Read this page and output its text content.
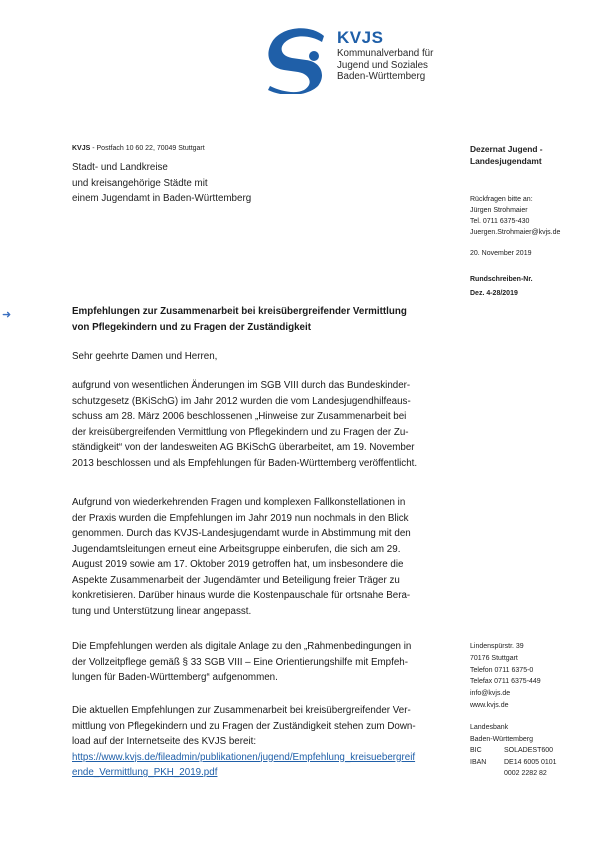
KVJS
Kommunalverband für
Jugend und Soziales
Baden-Württemberg
KVJS - Postfach 10 60 22, 70049 Stuttgart
Stadt- und Landkreise
und kreisangehörige Städte mit
einem Jugendamt in Baden-Württemberg
Dezernat Jugend -
Landesjugendamt
Rückfragen bitte an:
Jürgen Strohmaier
Tel. 0711 6375-430
Juergen.Strohmaier@kvjs.de
20. November 2019
Rundschreiben-Nr.
Dez. 4-28/2019
Lindenspürstr. 39
70176 Stuttgart
Telefon 0711 6375-0
Telefax 0711 6375-449
info@kvjs.de
www.kvjs.de
Landesbank
Baden-Württemberg
BIC	SOLADEST600
IBAN	DE14 6005 0101
0002 2282 82
➜	Empfehlungen zur Zusammenarbeit bei kreisübergreifender Vermittlung
von Pflegekindern und zu Fragen der Zuständigkeit
Sehr geehrte Damen und Herren,
aufgrund von wesentlichen Änderungen im SGB VIII durch das Bundeskinder-
schutzgesetz (BKiSchG) im Jahr 2012 wurden die vom Landesjugendhilfeaus-
schuss am 28. März 2006 beschlossenen „Hinweise zur Zusammenarbeit bei
der kreisübergreifenden Vermittlung von Pflegekindern und zu Fragen der Zu-
ständigkeit“ von der landesweiten AG BKiSchG überarbeitet, am 19. November
2013 beschlossen und als Empfehlungen für Baden-Württemberg veröffentlicht.
Aufgrund von wiederkehrenden Fragen und komplexen Fallkonstellationen in
der Praxis wurden die Empfehlungen im Jahr 2019 nun nochmals in den Blick
genommen. Durch das KVJS-Landesjugendamt wurde in Abstimmung mit den
Jugendamtsleitungen erneut eine Arbeitsgruppe einberufen, die sich am 29.
August 2019 sowie am 17. Oktober 2019 getroffen hat, um insbesondere die
Aspekte Zusammenarbeit der Jugendämter und Beteiligung freier Träger zu
konkretisieren. Darüber hinaus wurde die Kostenpauschale für ortsnahe Bera-
tung und Unterstützung linear angepasst.
Die Empfehlungen werden als digitale Anlage zu den „Rahmenbedingungen in
der Vollzeitpflege gemäß § 33 SGB VIII – Eine Orientierungshilfe mit Empfeh-
lungen für Baden-Württemberg“ aufgenommen.
Die aktuellen Empfehlungen zur Zusammenarbeit bei kreisübergreifender Ver-
mittlung von Pflegekindern und zu Fragen der Zuständigkeit stehen zum Down-
load auf der Internetseite des KVJS bereit:
https://www.kvjs.de/fileadmin/publikationen/jugend/Empfehlung_kreisuebergreif
ende_Vermittlung_PKH_2019.pdf
